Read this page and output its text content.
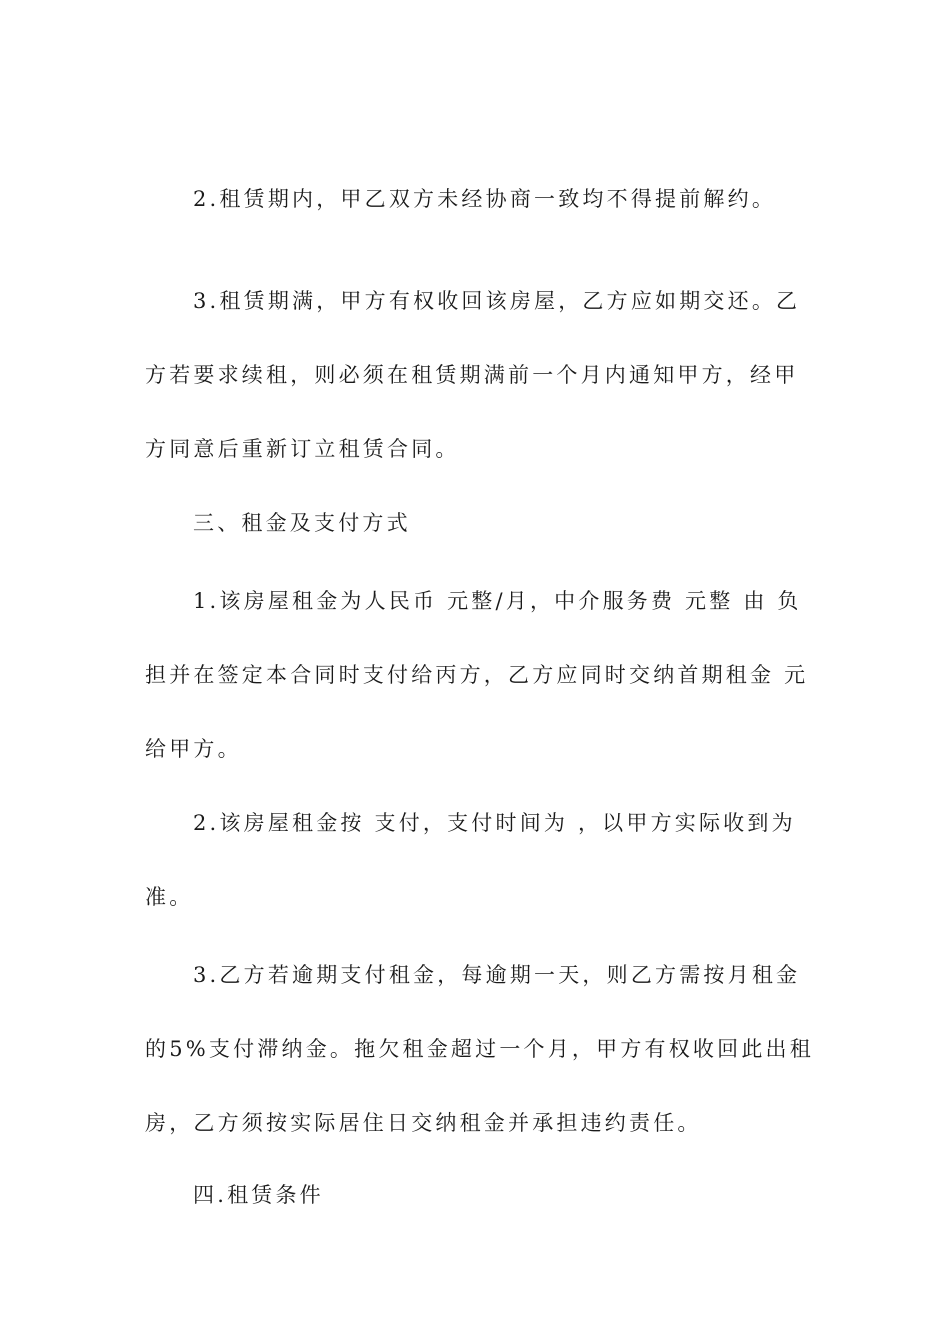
2.租赁期内，甲乙双方未经协商一致均不得提前解约。

3.租赁期满，甲方有权收回该房屋，乙方应如期交还。乙
方若要求续租，则必须在租赁期满前一个月内通知甲方，经甲
方同意后重新订立租赁合同。

三、租金及支付方式

1.该房屋租金为人民币 元整/月，中介服务费 元整 由 负
担并在签定本合同时支付给丙方，乙方应同时交纳首期租金 元
给甲方。

2.该房屋租金按 支付，支付时间为 ，以甲方实际收到为
准。

3.乙方若逾期支付租金，每逾期一天，则乙方需按月租金
的5%支付滞纳金。拖欠租金超过一个月，甲方有权收回此出租
房，乙方须按实际居住日交纳租金并承担违约责任。

四.租赁条件
